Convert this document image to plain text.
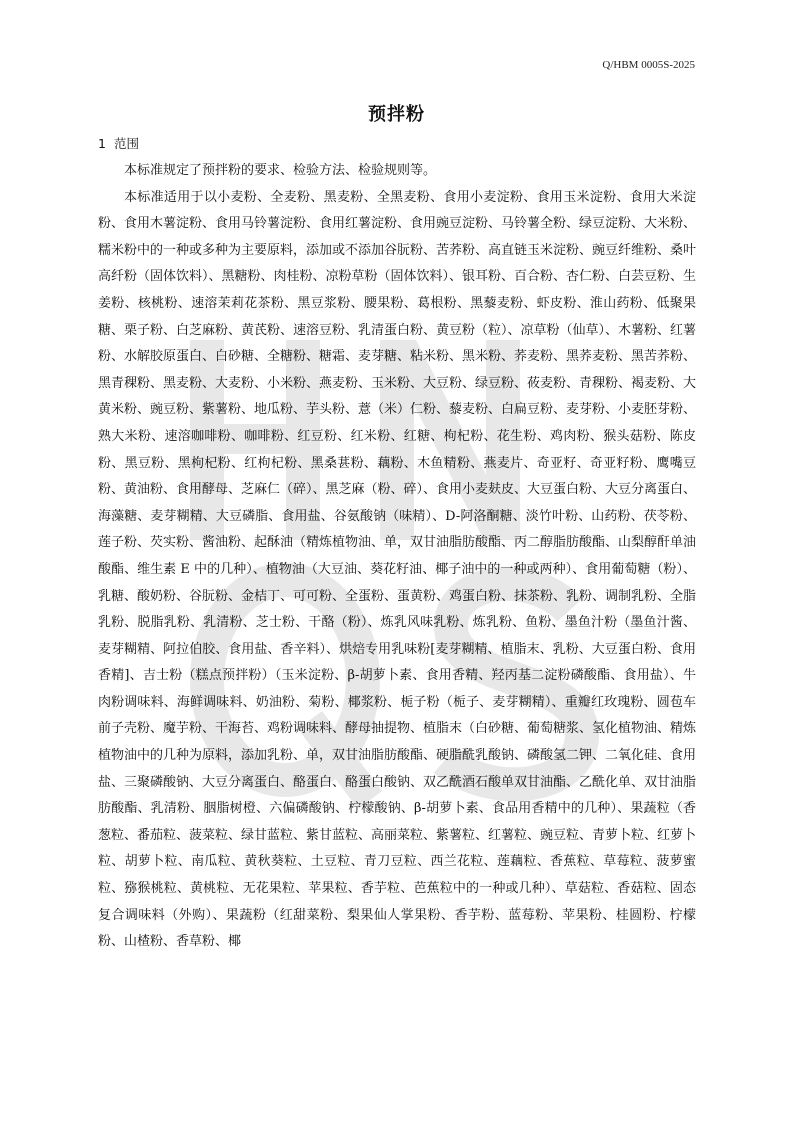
Q/HBM 0005S-2025
预拌粉
1 范围

本标准规定了预拌粉的要求、检验方法、检验规则等。

本标准适用于以小麦粉、全麦粉、黑麦粉、全黑麦粉、食用小麦淀粉、食用玉米淀粉、食用大米淀粉、食用木薯淀粉、食用马铃薯淀粉、食用红薯淀粉、食用豌豆淀粉、马铃薯全粉、绿豆淀粉、大米粉、糯米粉中的一种或多种为主要原料，添加或不添加谷朊粉、苦荞粉、高直链玉米淀粉、豌豆纤维粉、桑叶高纤粉（固体饮料）、黑糖粉、肉桂粉、凉粉草粉（固体饮料）、银耳粉、百合粉、杏仁粉、白芸豆粉、生姜粉、核桃粉、速溶茉莉花茶粉、黑豆浆粉、腰果粉、葛根粉、黑藜麦粉、虾皮粉、淮山药粉、低聚果糖、栗子粉、白芝麻粉、黄芪粉、速溶豆粉、乳清蛋白粉、黄豆粉（粒）、凉草粉（仙草）、木薯粉、红薯粉、水解胶原蛋白、白砂糖、全糖粉、糖霜、麦芽糖、粘米粉、黑米粉、荞麦粉、黑荞麦粉、黑苦荞粉、黑青稞粉、黑麦粉、大麦粉、小米粉、燕麦粉、玉米粉、大豆粉、绿豆粉、莜麦粉、青稞粉、褐麦粉、大黄米粉、豌豆粉、紫薯粉、地瓜粉、芋头粉、薏（米）仁粉、藜麦粉、白扁豆粉、麦芽粉、小麦胚芽粉、熟大米粉、速溶咖啡粉、咖啡粉、红豆粉、红米粉、红糖、枸杞粉、花生粉、鸡肉粉、猴头菇粉、陈皮粉、黑豆粉、黑枸杞粉、红枸杞粉、黑桑葚粉、藕粉、木鱼精粉、燕麦片、奇亚籽、奇亚籽粉、鹰嘴豆粉、黄油粉、食用酵母、芝麻仁（碎）、黑芝麻（粉、碎）、食用小麦麸皮、大豆蛋白粉、大豆分离蛋白、海藻糖、麦芽糊精、大豆磷脂、食用盐、谷氨酸钠（味精）、D-阿洛酮糖、淡竹叶粉、山药粉、茯苓粉、莲子粉、芡实粉、酱油粉、起酥油（精炼植物油、单，双甘油脂肪酸酯、丙二醇脂肪酸酯、山梨醇酐单油酸酯、维生素 E 中的几种）、植物油（大豆油、葵花籽油、椰子油中的一种或两种）、食用葡萄糖（粉）、乳糖、酸奶粉、谷朊粉、金桔丁、可可粉、全蛋粉、蛋黄粉、鸡蛋白粉、抹茶粉、乳粉、调制乳粉、全脂乳粉、脱脂乳粉、乳清粉、芝士粉、干酪（粉）、炼乳风味乳粉、炼乳粉、鱼粉、墨鱼汁粉（墨鱼汁酱、麦芽糊精、阿拉伯胶、食用盐、香辛料）、烘焙专用乳味粉[麦芽糊精、植脂末、乳粉、大豆蛋白粉、食用香精]、吉士粉（糕点预拌粉）（玉米淀粉、β-胡萝卜素、食用香精、羟丙基二淀粉磷酸酯、食用盐）、牛肉粉调味料、海鲜调味料、奶油粉、菊粉、椰浆粉、栀子粉（栀子、麦芽糊精）、重瓣红玫瑰粉、圆苞车前子壳粉、魔芋粉、干海苔、鸡粉调味料、酵母抽提物、植脂末（白砂糖、葡萄糖浆、氢化植物油、精炼植物油中的几种为原料，添加乳粉、单，双甘油脂肪酸酯、硬脂酰乳酸钠、磷酸氢二钾、二氧化硅、食用盐、三聚磷酸钠、大豆分离蛋白、酪蛋白、酪蛋白酸钠、双乙酰酒石酸单双甘油酯、乙酰化单、双甘油脂肪酸酯、乳清粉、胭脂树橙、六偏磷酸钠、柠檬酸钠、β-胡萝卜素、食品用香精中的几种）、果蔬粒（香葱粒、番茄粒、菠菜粒、绿甘蓝粒、紫甘蓝粒、高丽菜粒、紫薯粒、红薯粒、豌豆粒、青萝卜粒、红萝卜粒、胡萝卜粒、南瓜粒、黄秋葵粒、土豆粒、青刀豆粒、西兰花粒、莲藕粒、香蕉粒、草莓粒、菠萝蜜粒、猕猴桃粒、黄桃粒、无花果粒、苹果粒、香芋粒、芭蕉粒中的一种或几种）、草菇粒、香菇粒、固态复合调味料（外购）、果蔬粉（红甜菜粉、梨果仙人掌果粉、香芋粉、蓝莓粉、苹果粉、桂圆粉、柠檬粉、山楂粉、香草粉、椰
